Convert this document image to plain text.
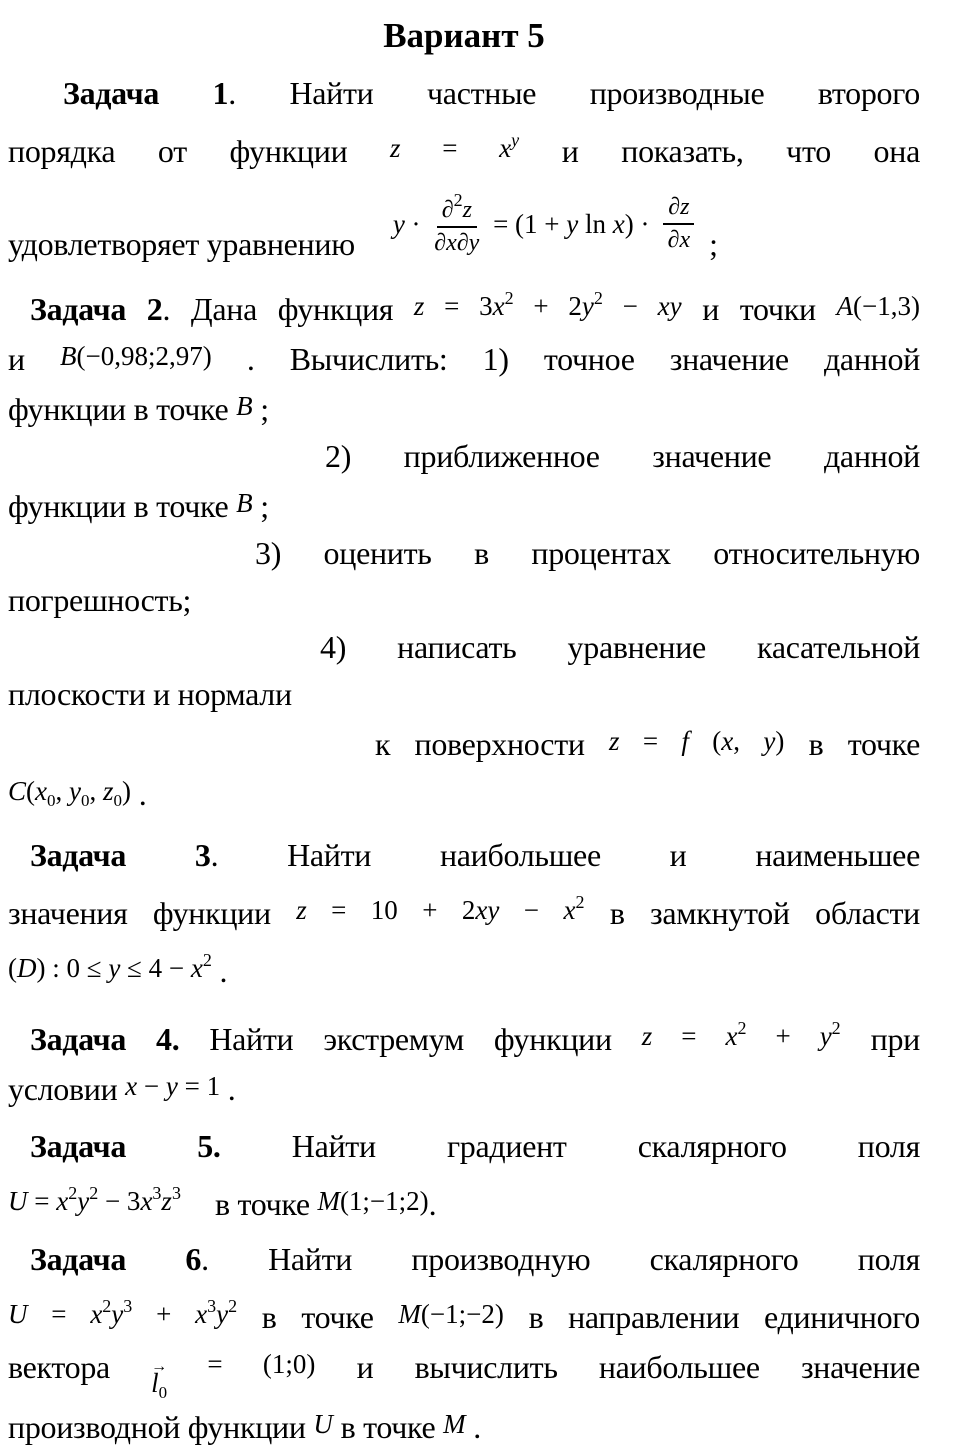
Вариант 5
Задача 1. Найти частные производные второго
порядка от функции $z = x^y$ и показать, что она
удовлетворяет уравнению
$y \cdot \frac{\partial^2z}{\partial x\partial y} = (1 + y$ ln x ) · $\frac{\partial z}{\partial x}$ ;
Задача 2. Дана функция $z = 3x^2 + 2y^2$ − xy и точки A(−1,3)
и B(−0,98;2,97) . Вычислить: 1) точное значение данной
функции в точке B ;
2) приближенное значение данной
функции в точке B ;
3) оценить в процентах относительную
погрешность;
4) написать уравнение касательной
плоскости и нормали
к поверхности z = f (x, y) в точке
$C(x_0$, $y_0$, $z_0$) .
Задача 3. Найти наибольшее и наименьшее
значения функции $z = 10 + 2xy - x^2$ в замкнутой области
(D) : $0 \le y \le 4 - x^2$ .
Задача 4. Найти экстремум функции $z = x^2 + y^2$ при
условии x − y = 1 .
Задача 5. Найти градиент скалярного поля
$U = x^2y^2 - 3x^3z^3$ в точке M(1;−1;2).
Задача 6. Найти производную скалярного поля
$U = x^2y^3 + x^3y^2$ в точке M(−1;−2) в направлении единичного
вектора →
$l_0$
= (1;0) и вычислить наибольшее значение
производной функции U в точке M .
